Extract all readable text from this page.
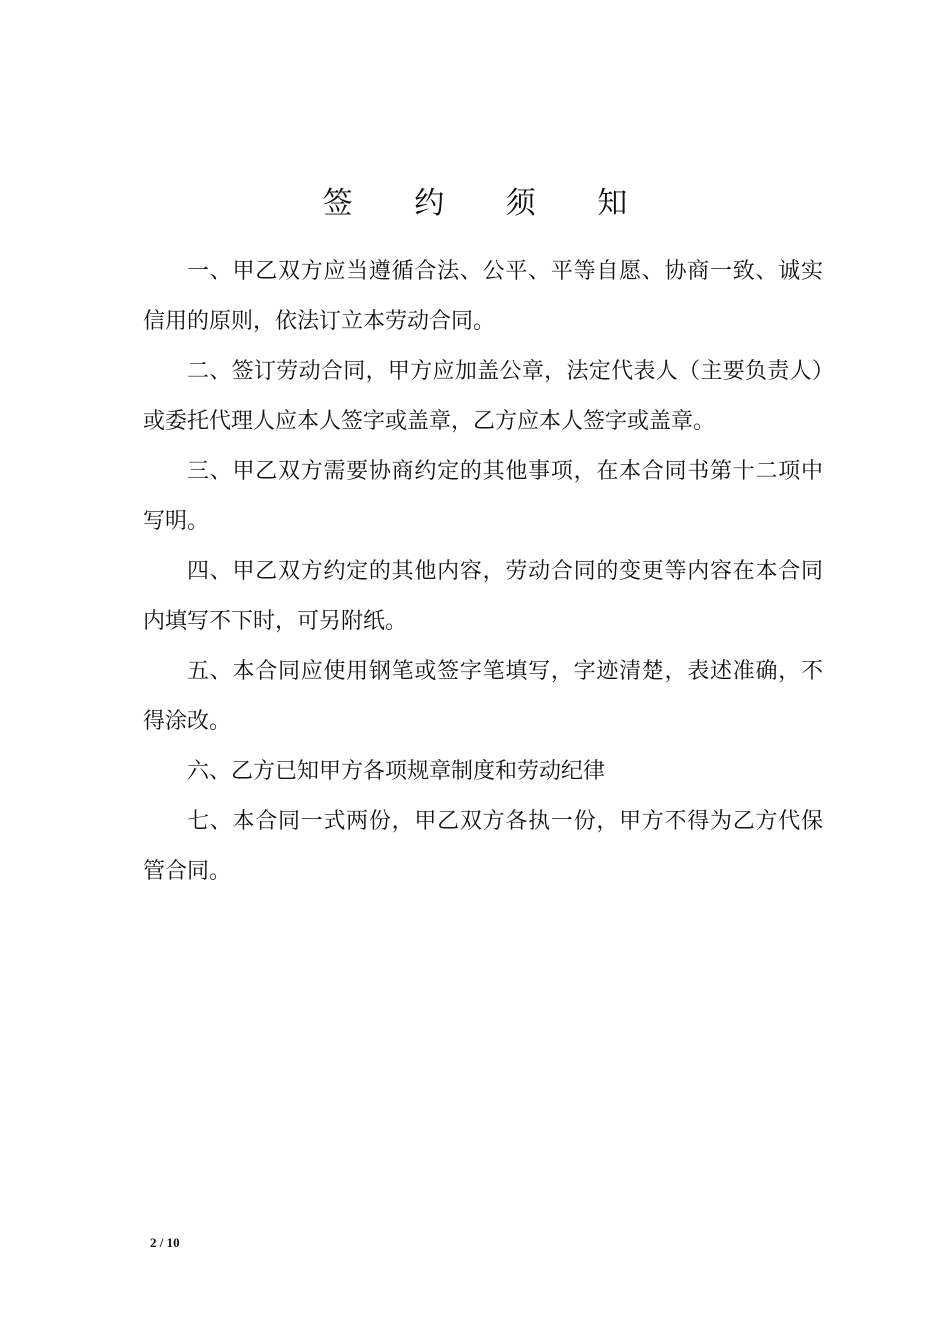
签 约 须 知

一、甲乙双方应当遵循合法、公平、平等自愿、协商一致、诚实信用的原则，依法订立本劳动合同。

二、签订劳动合同，甲方应加盖公章，法定代表人（主要负责人）或委托代理人应本人签字或盖章，乙方应本人签字或盖章。

三、甲乙双方需要协商约定的其他事项，在本合同书第十二项中写明。

四、甲乙双方约定的其他内容，劳动合同的变更等内容在本合同内填写不下时，可另附纸。

五、本合同应使用钢笔或签字笔填写，字迹清楚，表述准确，不得涂改。

六、乙方已知甲方各项规章制度和劳动纪律

七、本合同一式两份，甲乙双方各执一份，甲方不得为乙方代保管合同。

2 / 10
